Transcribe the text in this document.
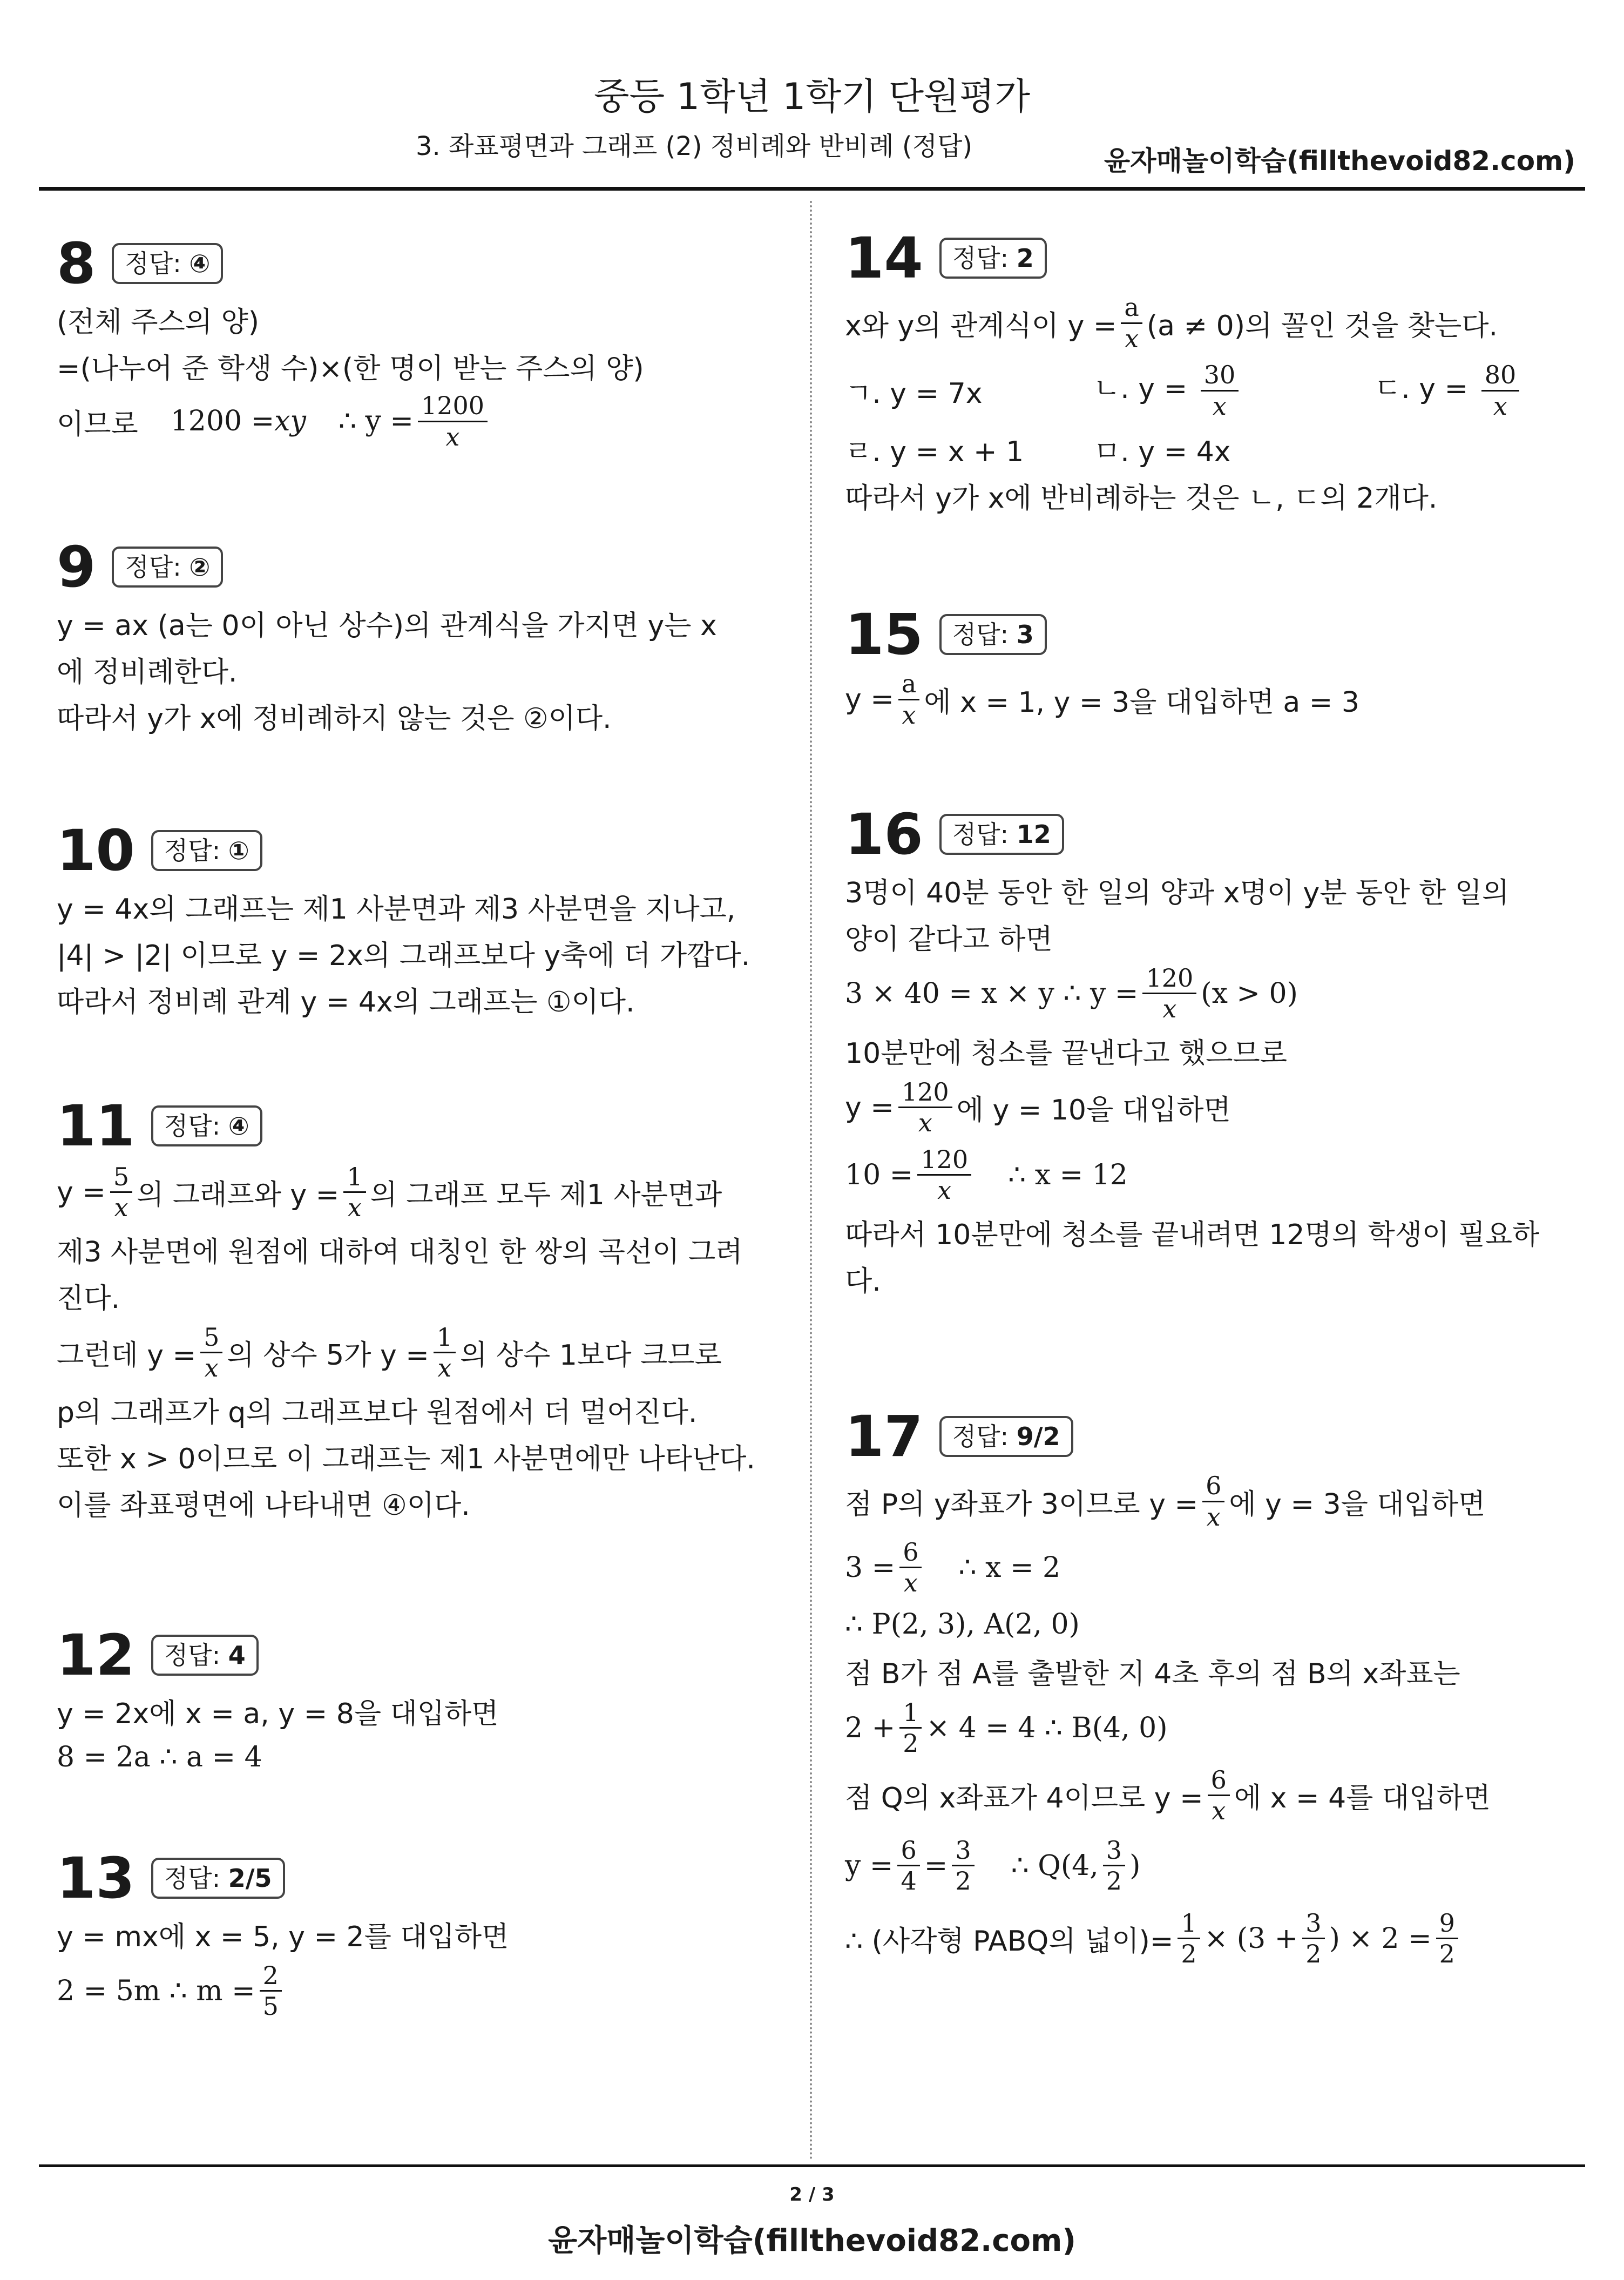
중등 1학년 1학기 단원평가
3. 좌표평면과 그래프 (2) 정비례와 반비례 (정답)	윤자매놀이학습(fillthevoid82.com)
8	정답: ④
(전체 주스의 양)
=(나누어 준 학생 수)×(한 명이 받는 주스의 양)
이므로 1200 = xy ∴
$y = \frac{1200}{x}$
9	정답: ②
y = ax (a는 0이 아닌 상수)의 관계식을 가지면 y는 x
에 정비례한다.
따라서 y가 x에 정비례하지 않는 것은 ②이다.
10	정답: ①
y = 4x의 그래프는 제1 사분면과 제3 사분면을 지나고,
|4| > |2| 이므로 y = 2x의 그래프보다 y축에 더 가깝다.
따라서 정비례 관계 y = 4x의 그래프는 ①이다.
11	정답: ④
$y = \frac{5}{x}$ 의 그래프와 $y = \frac{1}{x}$ 의 그래프 모두 제1 사분면과
제3 사분면에 원점에 대하여 대칭인 한 쌍의 곡선이 그려
진다.
그런데 $y = \frac{5}{x}$ 의 상수 5가 $y = \frac{1}{x}$ 의 상수 1보다 크므로
p의 그래프가 q의 그래프보다 원점에서 더 멀어진다.
또한 x > 0이므로 이 그래프는 제1 사분면에만 나타난다.
이를 좌표평면에 나타내면 ④이다.
12	정답: 4
y = 2x에 x = a, y = 8을 대입하면
8 = 2a ∴ a = 4
13	정답: 2/5
y = mx에 x = 5, y = 2를 대입하면
2 = 5m ∴ $m = \frac{2}{5}$
14	정답: 2
x와 y의 관계식이 $y = \frac{a}{x} (a \ne 0)$의 꼴인 것을 찾는다.
ㄱ. y = 7x	ㄴ. $y = \frac{30}{x}$	ㄷ. $y = \frac{80}{x}$
ㄹ. y = x + 1	ㅁ. y = 4x
따라서 y가 x에 반비례하는 것은 ㄴ, ㄷ의 2개다.
15	정답: 3
$y = \frac{a}{x}$ 에 x = 1, y = 3을 대입하면 a = 3
16	정답: 12
3명이 40분 동안 한 일의 양과 x명이 y분 동안 한 일의
양이 같다고 하면
3 × 40 = x × y ∴ $y = \frac{120}{x} (x > 0)$
10분만에 청소를 끝낸다고 했으므로
$y = \frac{120}{x}$ 에 y = 10을 대입하면
$10 = \frac{120}{x}$ ∴ x = 12
따라서 10분만에 청소를 끝내려면 12명의 학생이 필요하
다.
17	정답: 9/2
점 P의 y좌표가 3이므로 $y = \frac{6}{x}$ 에 y = 3을 대입하면
$3 = \frac{6}{x}$ ∴ x = 2
∴ P(2, 3), A(2, 0)
점 B가 점 A를 출발한 지 4초 후의 점 B의 x좌표는
$2 + \frac{1}{2} \times 4 = 4$ ∴ B(4, 0)
점 Q의 x좌표가 4이므로 $y = \frac{6}{x}$ 에 x = 4를 대입하면
$y = \frac{6}{4} = \frac{3}{2}$ ∴ Q(4, $\frac{3}{2}$ )
∴ (사각형 PABQ의 넓이)= $\frac{1}{2} \times (3 + \frac{3}{2}$ ) × $2 = \frac{9}{2}$
2 / 3
윤자매놀이학습(fillthevoid82.com)
